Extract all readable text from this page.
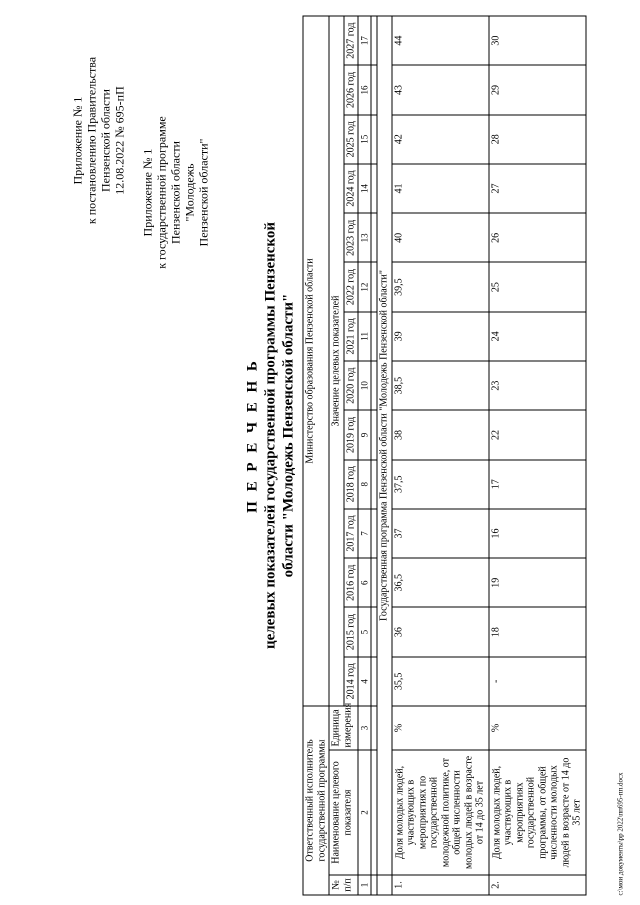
Приложение № 1 к постановлению Правительства Пензенской области 12.08.2022 № 695-пП Приложение № 1 к государственной программе Пензенской области "Молодежь Пензенской области"
П Е Р Е Ч Е Н Ь целевых показателей государственной программы Пензенской области "Молодежь Пензенской области"
Ответственный исполнитель государственной программы			Министерство образования Пензенской области													
№ п/п	Наименование целевого показателя	Единица измерения	Значение целевых показателей													
			2014 год	2015 год	2016 год	2017 год	2018 год	2019 год	2020 год	2021 год	2022 год	2023 год	2024 год	2025 год	2026 год	2027 год
1	2	3	4	5	6	7	8	9	10	11	12	13	14	15	16	17

	Государственная программа Пензенской области "Молодежь Пензенской области"															
1.	Доля молодых людей, участвующих в мероприятиях по государственной молодежной политике, от общей численности молодых людей в возрасте от 14 до 35 лет	%	35,5	36	36,5	37	37,5	38	38,5	39	39,5	40	41	42	43	44
2.	Доля молодых людей, участвующих в мероприятиях государственной программы, от общей численности молодых людей в возрасте от 14 до 35 лет	%	-	18	19	16	17	22	23	24	25	26	27	28	29	30
c:\мои документы\pp 2022\пп695-пп.docx
